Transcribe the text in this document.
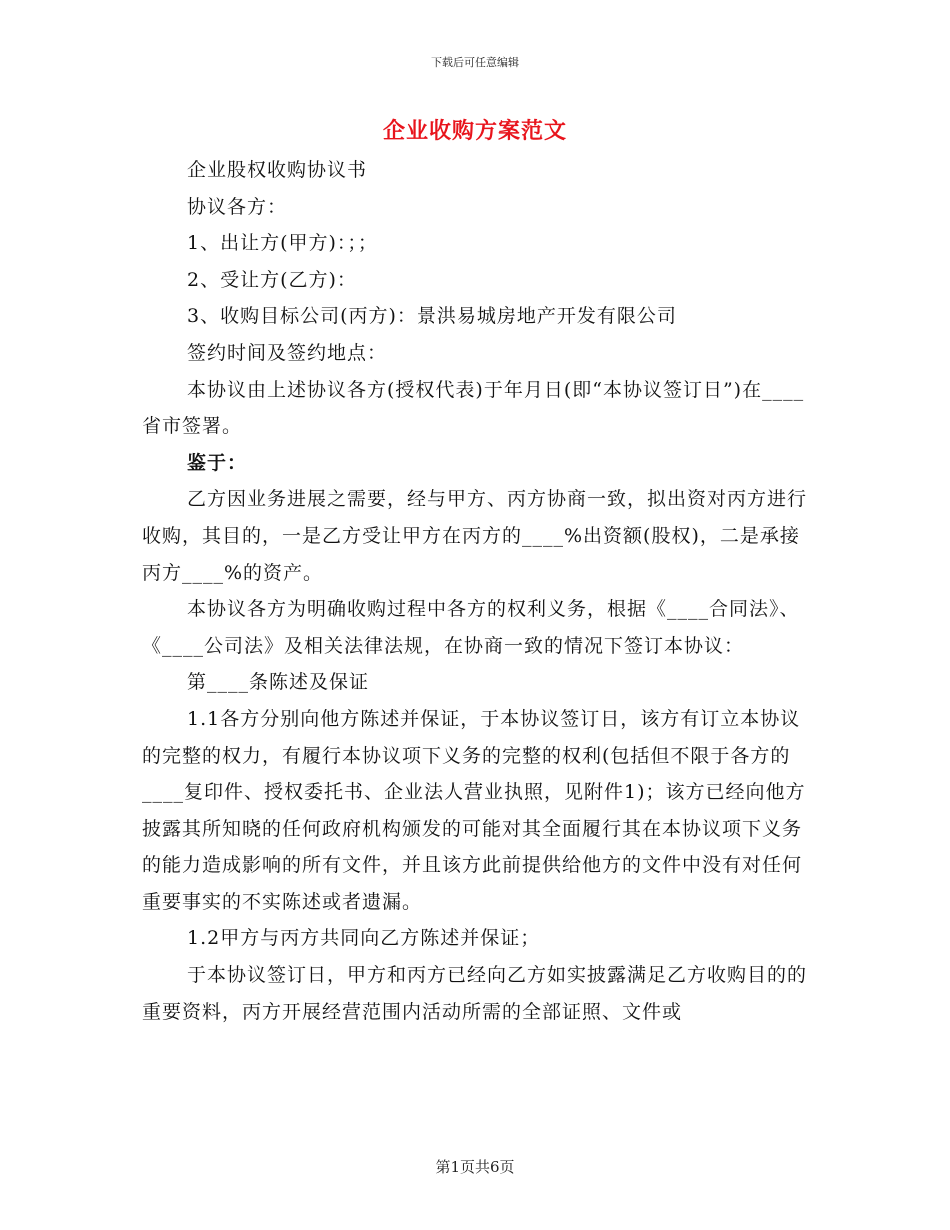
下载后可任意编辑
企业收购方案范文

企业股权收购协议书

协议各方：

1、出让方(甲方)：；；

2、受让方(乙方)：

3、收购目标公司(丙方)：景洪易城房地产开发有限公司

签约时间及签约地点：

本协议由上述协议各方(授权代表)于年月日(即“本协议签订日”)在____省市签署。

鉴于：

乙方因业务进展之需要，经与甲方、丙方协商一致，拟出资对丙方进行收购，其目的，一是乙方受让甲方在丙方的____%出资额(股权)，二是承接丙方____%的资产。

本协议各方为明确收购过程中各方的权利义务，根据《____合同法》、《____公司法》及相关法律法规，在协商一致的情况下签订本协议：

第____条陈述及保证

1.1各方分别向他方陈述并保证，于本协议签订日，该方有订立本协议的完整的权力，有履行本协议项下义务的完整的权利(包括但不限于各方的____复印件、授权委托书、企业法人营业执照，见附件1)；该方已经向他方披露其所知晓的任何政府机构颁发的可能对其全面履行其在本协议项下义务的能力造成影响的所有文件，并且该方此前提供给他方的文件中没有对任何重要事实的不实陈述或者遗漏。

1.2甲方与丙方共同向乙方陈述并保证；

于本协议签订日，甲方和丙方已经向乙方如实披露满足乙方收购目的的重要资料，丙方开展经营范围内活动所需的全部证照、文件或

第1页共6页
